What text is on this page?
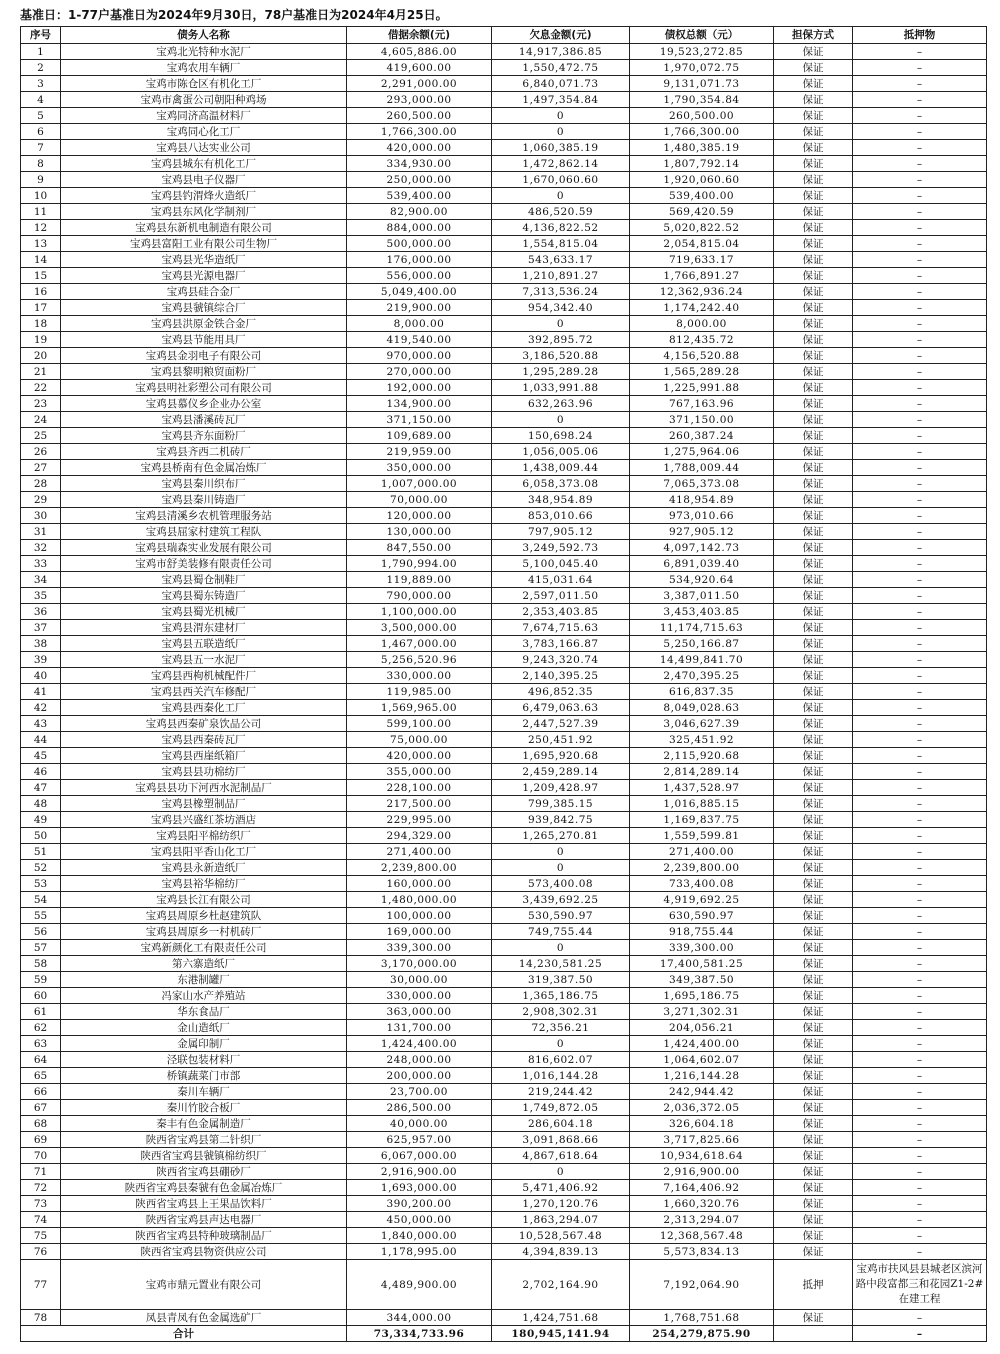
基准日：1-77户基准日为2024年9月30日，78户基准日为2024年4月25日。
序号	债务人名称	借据余额(元)	欠息金额(元)	债权总额（元）	担保方式	抵押物
1	宝鸡北光特种水泥厂	4,605,886.00	14,917,386.85	19,523,272.85	保证	–
2	宝鸡农用车辆厂	419,600.00	1,550,472.75	1,970,072.75	保证	–
3	宝鸡市陈仓区有机化工厂	2,291,000.00	6,840,071.73	9,131,071.73	保证	–
4	宝鸡市禽蛋公司朝阳种鸡场	293,000.00	1,497,354.84	1,790,354.84	保证	–
5	宝鸡同济高温材料厂	260,500.00	0	260,500.00	保证	–
6	宝鸡同心化工厂	1,766,300.00	0	1,766,300.00	保证	–
7	宝鸡县八达实业公司	420,000.00	1,060,385.19	1,480,385.19	保证	–
8	宝鸡县城东有机化工厂	334,930.00	1,472,862.14	1,807,792.14	保证	–
9	宝鸡县电子仪器厂	250,000.00	1,670,060.60	1,920,060.60	保证	–
10	宝鸡县钓渭烽火造纸厂	539,400.00	0	539,400.00	保证	–
11	宝鸡县东风化学制剂厂	82,900.00	486,520.59	569,420.59	保证	–
12	宝鸡县东新机电制造有限公司	884,000.00	4,136,822.52	5,020,822.52	保证	–
13	宝鸡县富阳工业有限公司生物厂	500,000.00	1,554,815.04	2,054,815.04	保证	–
14	宝鸡县光华造纸厂	176,000.00	543,633.17	719,633.17	保证	–
15	宝鸡县光源电器厂	556,000.00	1,210,891.27	1,766,891.27	保证	–
16	宝鸡县硅合金厂	5,049,400.00	7,313,536.24	12,362,936.24	保证	–
17	宝鸡县虢镇综合厂	219,900.00	954,342.40	1,174,242.40	保证	–
18	宝鸡县洪原金铁合金厂	8,000.00	0	8,000.00	保证	–
19	宝鸡县节能用具厂	419,540.00	392,895.72	812,435.72	保证	–
20	宝鸡县金羽电子有限公司	970,000.00	3,186,520.88	4,156,520.88	保证	–
21	宝鸡县黎明粮贸面粉厂	270,000.00	1,295,289.28	1,565,289.28	保证	–
22	宝鸡县明社彩塑公司有限公司	192,000.00	1,033,991.88	1,225,991.88	保证	–
23	宝鸡县慕仪乡企业办公室	134,900.00	632,263.96	767,163.96	保证	–
24	宝鸡县潘溪砖瓦厂	371,150.00	0	371,150.00	保证	–
25	宝鸡县齐东面粉厂	109,689.00	150,698.24	260,387.24	保证	–
26	宝鸡县齐西二机砖厂	219,959.00	1,056,005.06	1,275,964.06	保证	–
27	宝鸡县桥南有色金属冶炼厂	350,000.00	1,438,009.44	1,788,009.44	保证	–
28	宝鸡县秦川织布厂	1,007,000.00	6,058,373.08	7,065,373.08	保证	–
29	宝鸡县秦川铸造厂	70,000.00	348,954.89	418,954.89	保证	–
30	宝鸡县清溪乡农机管理服务站	120,000.00	853,010.66	973,010.66	保证	–
31	宝鸡县屈家村建筑工程队	130,000.00	797,905.12	927,905.12	保证	–
32	宝鸡县瑞森实业发展有限公司	847,550.00	3,249,592.73	4,097,142.73	保证	–
33	宝鸡市舒美装修有限责任公司	1,790,994.00	5,100,045.40	6,891,039.40	保证	–
34	宝鸡县蜀仓制鞋厂	119,889.00	415,031.64	534,920.64	保证	–
35	宝鸡县蜀东铸造厂	790,000.00	2,597,011.50	3,387,011.50	保证	–
36	宝鸡县蜀光机械厂	1,100,000.00	2,353,403.85	3,453,403.85	保证	–
37	宝鸡县渭东建材厂	3,500,000.00	7,674,715.63	11,174,715.63	保证	–
38	宝鸡县五联造纸厂	1,467,000.00	3,783,166.87	5,250,166.87	保证	–
39	宝鸡县五一水泥厂	5,256,520.96	9,243,320.74	14,499,841.70	保证	–
40	宝鸡县西枸机械配件厂	330,000.00	2,140,395.25	2,470,395.25	保证	–
41	宝鸡县西关汽车修配厂	119,985.00	496,852.35	616,837.35	保证	–
42	宝鸡县西秦化工厂	1,569,965.00	6,479,063.63	8,049,028.63	保证	–
43	宝鸡县西秦矿泉饮品公司	599,100.00	2,447,527.39	3,046,627.39	保证	–
44	宝鸡县西秦砖瓦厂	75,000.00	250,451.92	325,451.92	保证	–
45	宝鸡县西崖纸箱厂	420,000.00	1,695,920.68	2,115,920.68	保证	–
46	宝鸡县县功棉纺厂	355,000.00	2,459,289.14	2,814,289.14	保证	–
47	宝鸡县县功下河西水泥制品厂	228,100.00	1,209,428.97	1,437,528.97	保证	–
48	宝鸡县橡塑制品厂	217,500.00	799,385.15	1,016,885.15	保证	–
49	宝鸡县兴盛红茶坊酒店	229,995.00	939,842.75	1,169,837.75	保证	–
50	宝鸡县阳平棉纺织厂	294,329.00	1,265,270.81	1,559,599.81	保证	–
51	宝鸡县阳平香山化工厂	271,400.00	0	271,400.00	保证	–
52	宝鸡县永新造纸厂	2,239,800.00	0	2,239,800.00	保证	–
53	宝鸡县裕华棉纺厂	160,000.00	573,400.08	733,400.08	保证	–
54	宝鸡县长江有限公司	1,480,000.00	3,439,692.25	4,919,692.25	保证	–
55	宝鸡县周原乡杜赵建筑队	100,000.00	530,590.97	630,590.97	保证	–
56	宝鸡县周原乡一村机砖厂	169,000.00	749,755.44	918,755.44	保证	–
57	宝鸡新颜化工有限责任公司	339,300.00	0	339,300.00	保证	–
58	第六寨造纸厂	3,170,000.00	14,230,581.25	17,400,581.25	保证	–
59	东港制罐厂	30,000.00	319,387.50	349,387.50	保证	–
60	冯家山水产养殖站	330,000.00	1,365,186.75	1,695,186.75	保证	–
61	华东食品厂	363,000.00	2,908,302.31	3,271,302.31	保证	–
62	金山造纸厂	131,700.00	72,356.21	204,056.21	保证	–
63	金属印制厂	1,424,400.00	0	1,424,400.00	保证	–
64	泾联包装材料厂	248,000.00	816,602.07	1,064,602.07	保证	–
65	桥镇蔬菜门市部	200,000.00	1,016,144.28	1,216,144.28	保证	–
66	秦川车辆厂	23,700.00	219,244.42	242,944.42	保证	–
67	秦川竹胶合板厂	286,500.00	1,749,872.05	2,036,372.05	保证	–
68	秦丰有色金属制造厂	40,000.00	286,604.18	326,604.18	保证	–
69	陕西省宝鸡县第二针织厂	625,957.00	3,091,868.66	3,717,825.66	保证	–
70	陕西省宝鸡县虢镇棉纺织厂	6,067,000.00	4,867,618.64	10,934,618.64	保证	–
71	陕西省宝鸡县硼砂厂	2,916,900.00	0	2,916,900.00	保证	–
72	陕西省宝鸡县秦虢有色金属冶炼厂	1,693,000.00	5,471,406.92	7,164,406.92	保证	–
73	陕西省宝鸡县上王果品饮料厂	390,200.00	1,270,120.76	1,660,320.76	保证	–
74	陕西省宝鸡县声达电器厂	450,000.00	1,863,294.07	2,313,294.07	保证	–
75	陕西省宝鸡县特种玻璃制品厂	1,840,000.00	10,528,567.48	12,368,567.48	保证	–
76	陕西省宝鸡县物资供应公司	1,178,995.00	4,394,839.13	5,573,834.13	保证	–
77	宝鸡市鼎元置业有限公司	4,489,900.00	2,702,164.90	7,192,064.90	抵押	宝鸡市扶风县县城老区滨河路中段富都三和花园Z1-2#在建工程
78	凤县青凤有色金属选矿厂	344,000.00	1,424,751.68	1,768,751.68	保证	–
合计		73,334,733.96	180,945,141.94	254,279,875.90		–
